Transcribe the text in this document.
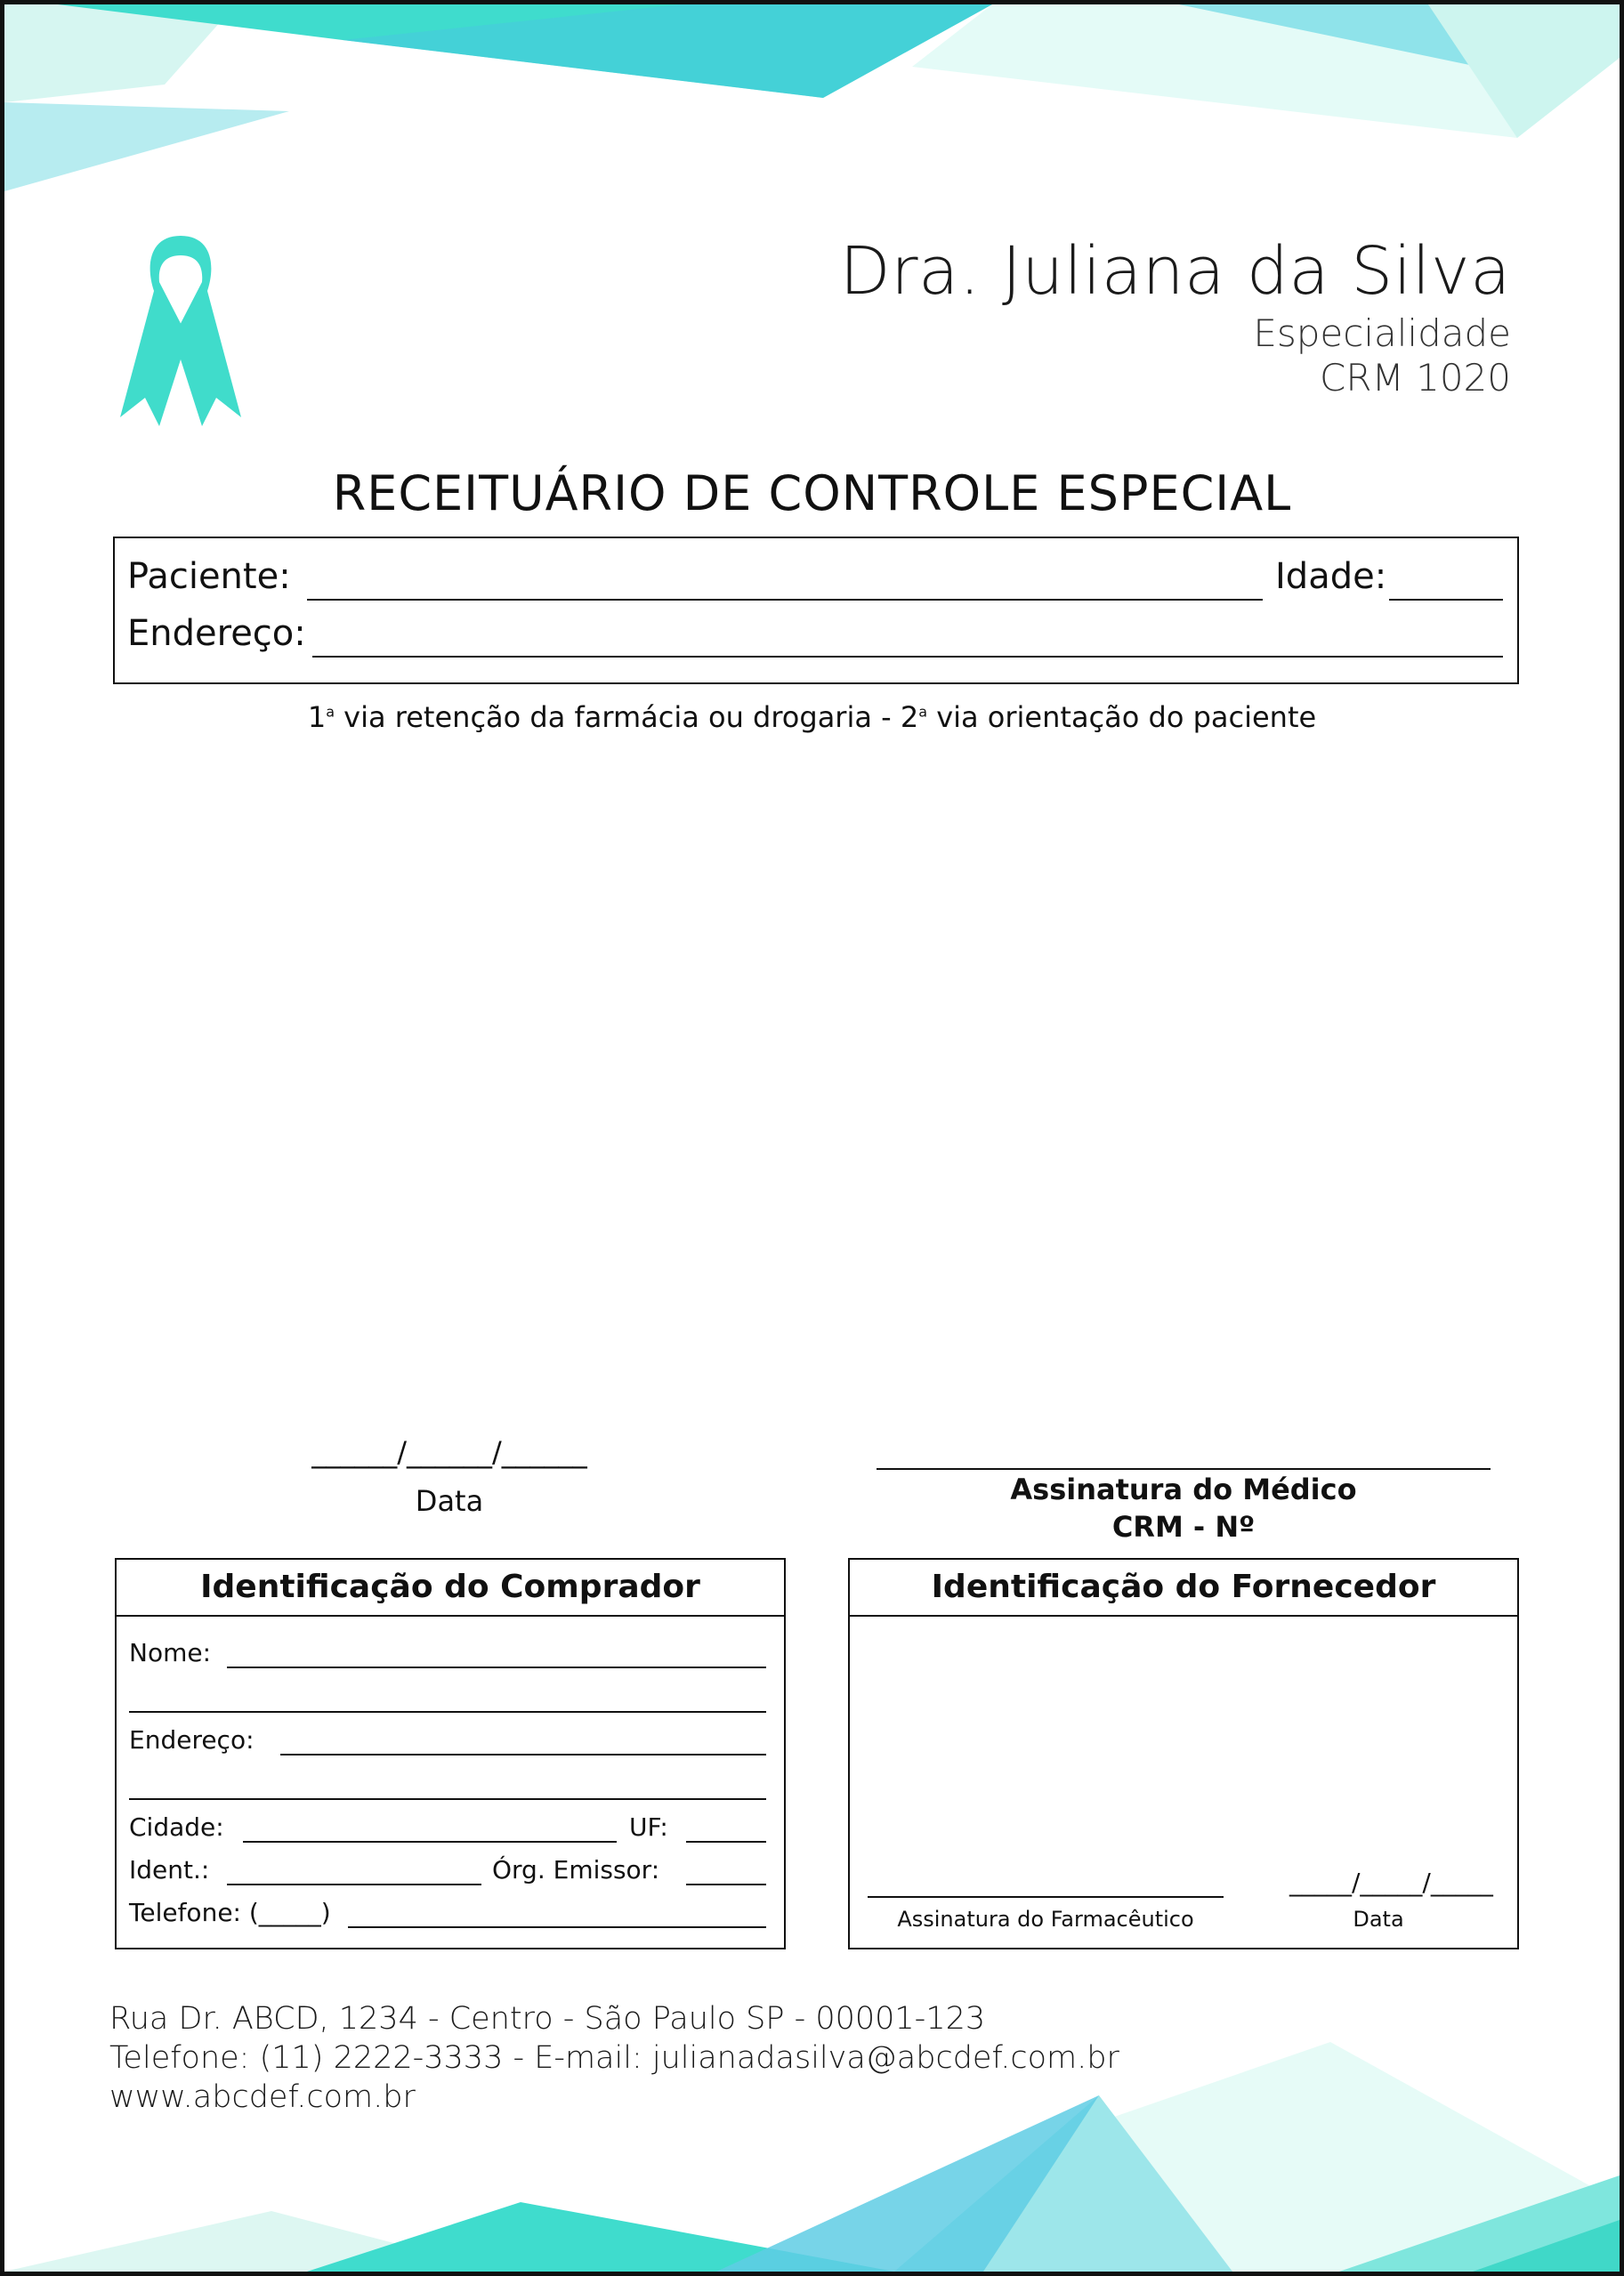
Dra. Juliana da Silva
Especialidade
CRM 1020
RECEITUÁRIO DE CONTROLE ESPECIAL
Paciente:	Idade:
Endereço:
1$^a$ via retenção da farmácia ou drogaria - 2$^a$ via orientação do paciente
______/______/______
Data	Assinatura do Médico
CRM - Nº
Identificação do Comprador
Nome:
Endereço:
Cidade:	UF:
Ident.:	Órg. Emissor:
Telefone: (_____)
Identificação do Fornecedor
Assinatura do Farmacêutico
_____/_____/_____
Data
Rua Dr. ABCD, 1234 - Centro - São Paulo SP - 00001-123
Telefone: (11) 2222-3333 - E-mail: julianadasilva@abcdef.com.br
www.abcdef.com.br
